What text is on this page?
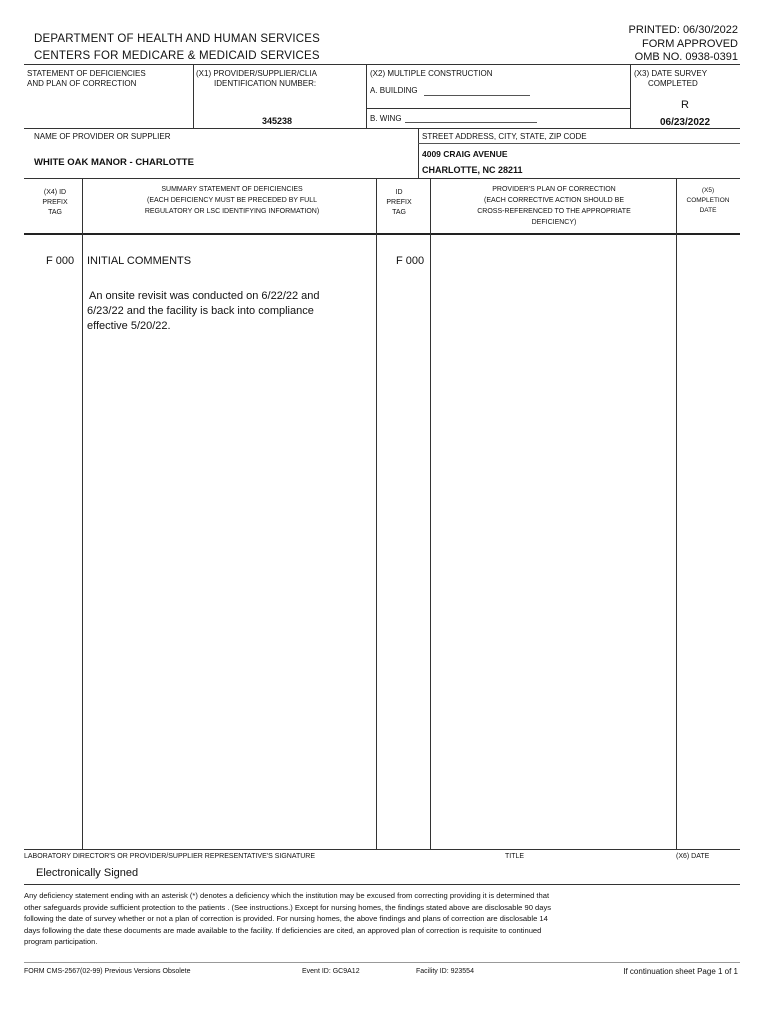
DEPARTMENT OF HEALTH AND HUMAN SERVICES
CENTERS FOR MEDICARE & MEDICAID SERVICES
PRINTED: 06/30/2022
FORM APPROVED
OMB NO. 0938-0391
STATEMENT OF DEFICIENCIES
AND PLAN OF CORRECTION
(X1) PROVIDER/SUPPLIER/CLIA
IDENTIFICATION NUMBER:
345238
(X2) MULTIPLE CONSTRUCTION
A. BUILDING
B. WING
(X3) DATE SURVEY
COMPLETED
R
06/23/2022
NAME OF PROVIDER OR SUPPLIER
WHITE OAK MANOR - CHARLOTTE
STREET ADDRESS, CITY, STATE, ZIP CODE
4009 CRAIG AVENUE
CHARLOTTE, NC 28211
(X4) ID
PREFIX
TAG
SUMMARY STATEMENT OF DEFICIENCIES
(EACH DEFICIENCY MUST BE PRECEDED BY FULL
REGULATORY OR LSC IDENTIFYING INFORMATION)
ID
PREFIX
TAG
PROVIDER'S PLAN OF CORRECTION
(EACH CORRECTIVE ACTION SHOULD BE
CROSS-REFERENCED TO THE APPROPRIATE
DEFICIENCY)
(X5)
COMPLETION
DATE
F 000 INITIAL COMMENTS
An onsite revisit was conducted on 6/22/22 and
6/23/22 and the facility is back into compliance
effective 5/20/22.
F 000
LABORATORY DIRECTOR'S OR PROVIDER/SUPPLIER REPRESENTATIVE'S SIGNATURE	TITLE	(X6) DATE
Electronically Signed
Any deficiency statement ending with an asterisk (*) denotes a deficiency which the institution may be excused from correcting providing it is determined that
other safeguards provide sufficient protection to the patients . (See instructions.) Except for nursing homes, the findings stated above are disclosable 90 days
following the date of survey whether or not a plan of correction is provided. For nursing homes, the above findings and plans of correction are disclosable 14
days following the date these documents are made available to the facility. If deficiencies are cited, an approved plan of correction is requisite to continued
program participation.
FORM CMS-2567(02-99) Previous Versions Obsolete	Event ID: GC9A12	Facility ID: 923554	If continuation sheet Page 1 of 1
